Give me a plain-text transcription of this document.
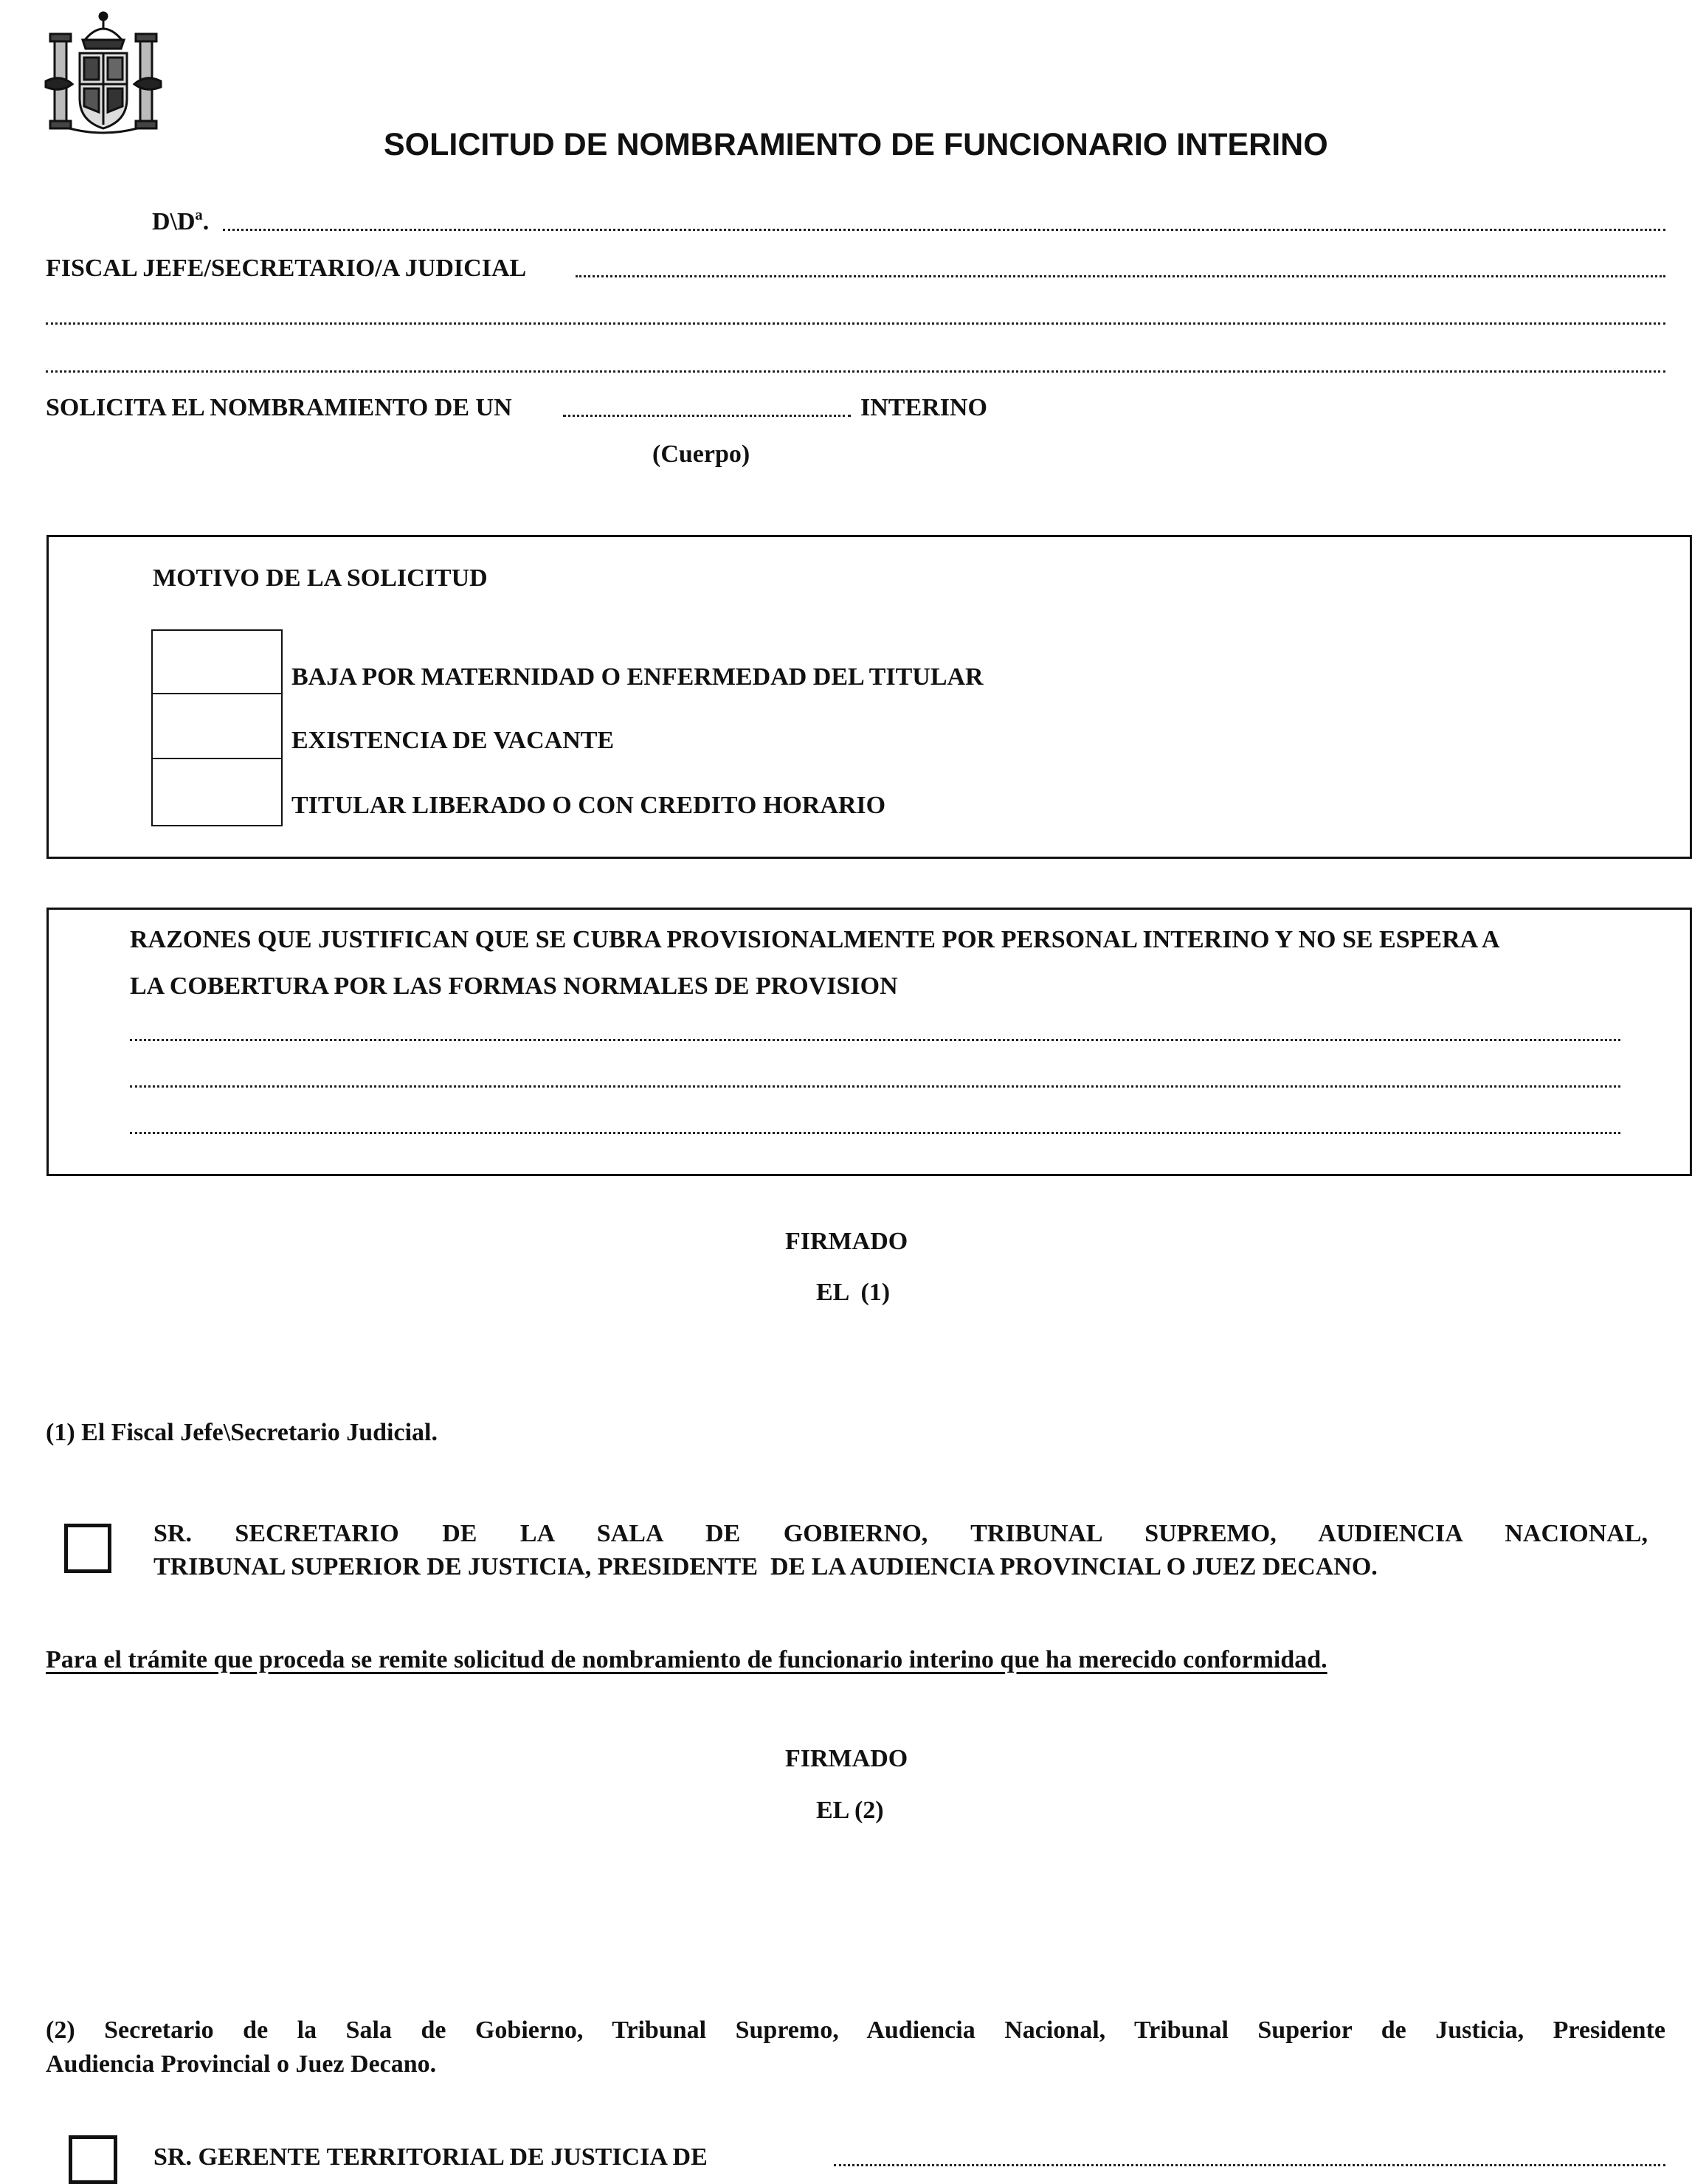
SOLICITUD DE NOMBRAMIENTO DE FUNCIONARIO INTERINO
D\Dª.
FISCAL JEFE/SECRETARIO/A JUDICIAL
SOLICITA EL NOMBRAMIENTO DE UN	INTERINO
(Cuerpo)
MOTIVO DE LA SOLICITUD
BAJA POR MATERNIDAD O ENFERMEDAD DEL TITULAR
EXISTENCIA DE VACANTE
TITULAR LIBERADO O CON CREDITO HORARIO
RAZONES QUE JUSTIFICAN QUE SE CUBRA PROVISIONALMENTE POR PERSONAL INTERINO Y NO SE ESPERA A
LA COBERTURA POR LAS FORMAS NORMALES DE PROVISION
FIRMADO
EL  (1)
(1) El Fiscal Jefe\Secretario Judicial.
SR. SECRETARIO DE LA SALA DE GOBIERNO, TRIBUNAL SUPREMO, AUDIENCIA NACIONAL,
TRIBUNAL SUPERIOR DE JUSTICIA, PRESIDENTE  DE LA AUDIENCIA PROVINCIAL O JUEZ DECANO.
Para el trámite que proceda se remite solicitud de nombramiento de funcionario interino que ha merecido conformidad.
FIRMADO
EL (2)
(2) Secretario de la Sala de Gobierno, Tribunal Supremo, Audiencia Nacional, Tribunal Superior de Justicia, Presidente
Audiencia Provincial o Juez Decano.
SR. GERENTE TERRITORIAL DE JUSTICIA DE
